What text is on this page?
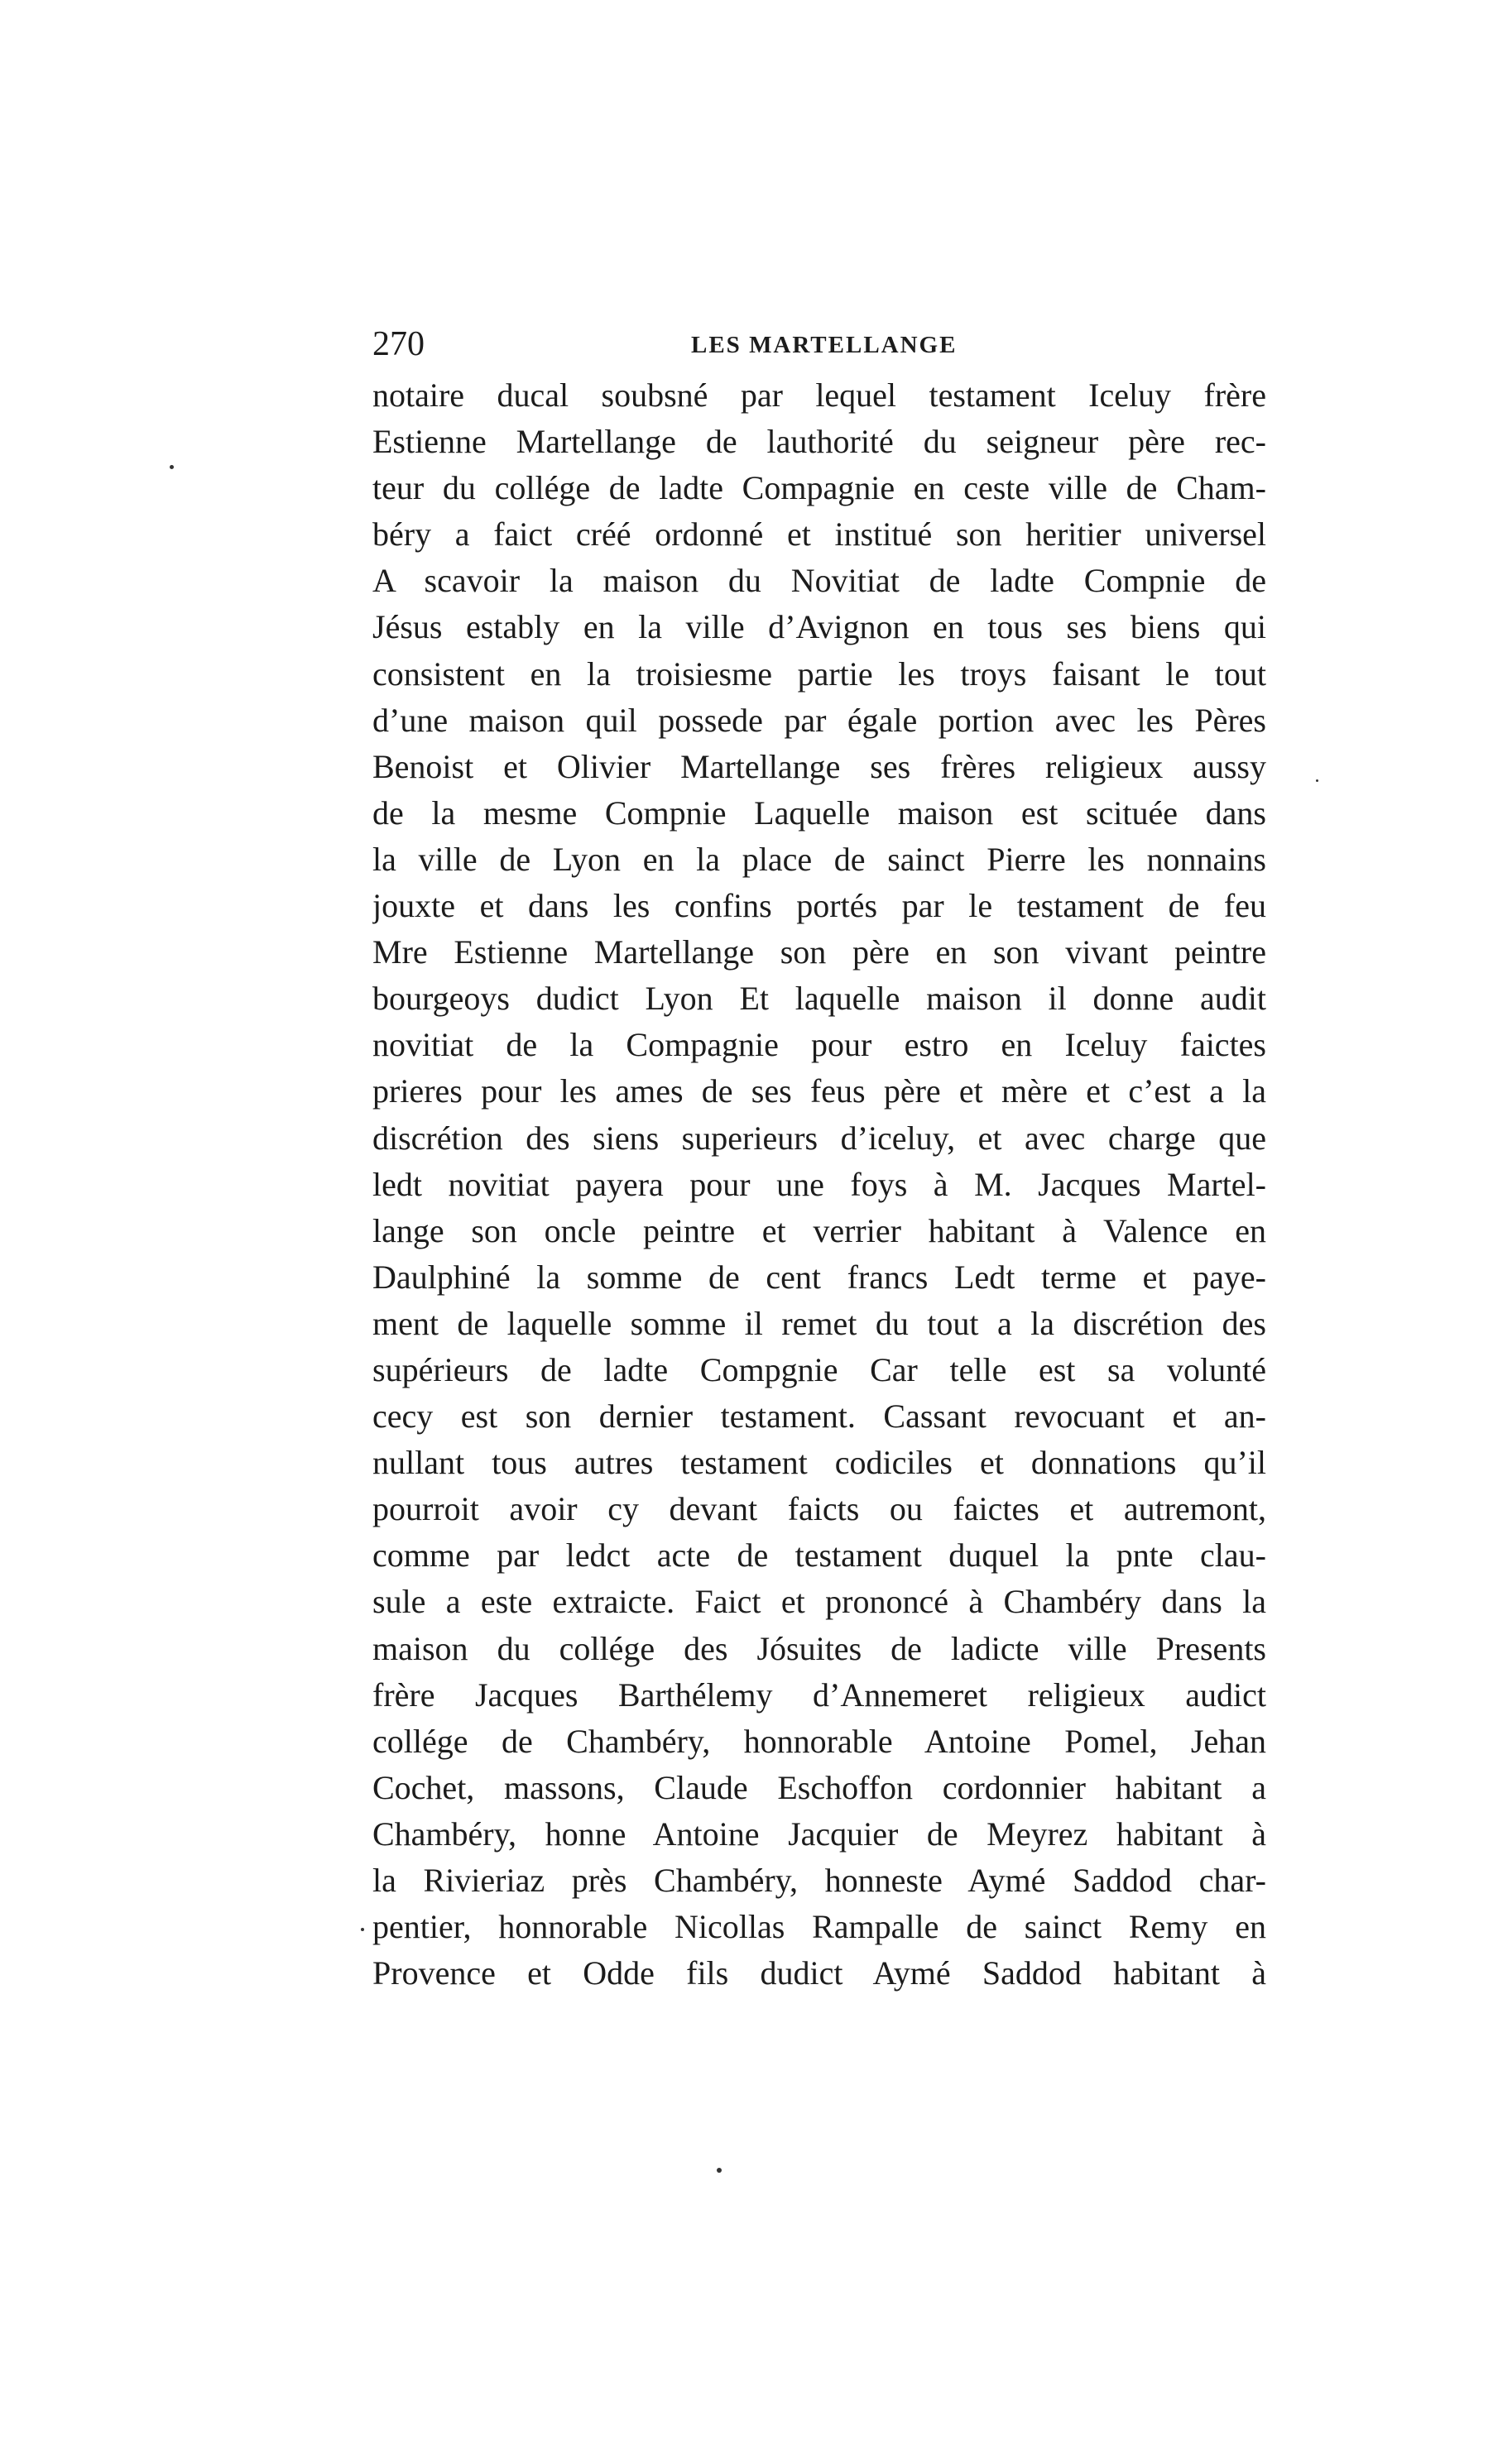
270	LES MARTELLANGE
notaire ducal soubsné par lequel testament Iceluy frère
Estienne Martellange de lauthorité du seigneur père rec-
teur du collége de ladte Compagnie en ceste ville de Cham-
béry a faict créé ordonné et institué son heritier universel
A scavoir la maison du Novitiat de ladte Compnie de
Jésus estably en la ville d’Avignon en tous ses biens qui
consistent en la troisiesme partie les troys faisant le tout
d’une maison quil possede par égale portion avec les Pères
Benoist et Olivier Martellange ses frères religieux aussy
de la mesme Compnie Laquelle maison est scituée dans
la ville de Lyon en la place de sainct Pierre les nonnains
jouxte et dans les confins portés par le testament de feu
Mre Estienne Martellange son père en son vivant peintre
bourgeoys dudict Lyon Et laquelle maison il donne audit
novitiat de la Compagnie pour estro en Iceluy faictes
prieres pour les ames de ses feus père et mère et c’est a la
discrétion des siens superieurs d’iceluy, et avec charge que
ledt novitiat payera pour une foys à M. Jacques Martel-
lange son oncle peintre et verrier habitant à Valence en
Daulphiné la somme de cent francs Ledt terme et paye-
ment de laquelle somme il remet du tout a la discrétion des
supérieurs de ladte Compgnie Car telle est sa volunté
cecy est son dernier testament. Cassant revocuant et an-
nullant tous autres testament codiciles et donnations qu’il
pourroit avoir cy devant faicts ou faictes et autremont,
comme par ledct acte de testament duquel la pnte clau-
sule a este extraicte. Faict et prononcé à Chambéry dans la
maison du collége des Jósuites de ladicte ville Presents
frère Jacques Barthélemy d’Annemeret religieux audict
collége de Chambéry, honnorable Antoine Pomel, Jehan
Cochet, massons, Claude Eschoffon cordonnier habitant a
Chambéry, honne Antoine Jacquier de Meyrez habitant à
la Rivieriaz près Chambéry, honneste Aymé Saddod char-
pentier, honnorable Nicollas Rampalle de sainct Remy en
Provence et Odde fils dudict Aymé Saddod habitant à
